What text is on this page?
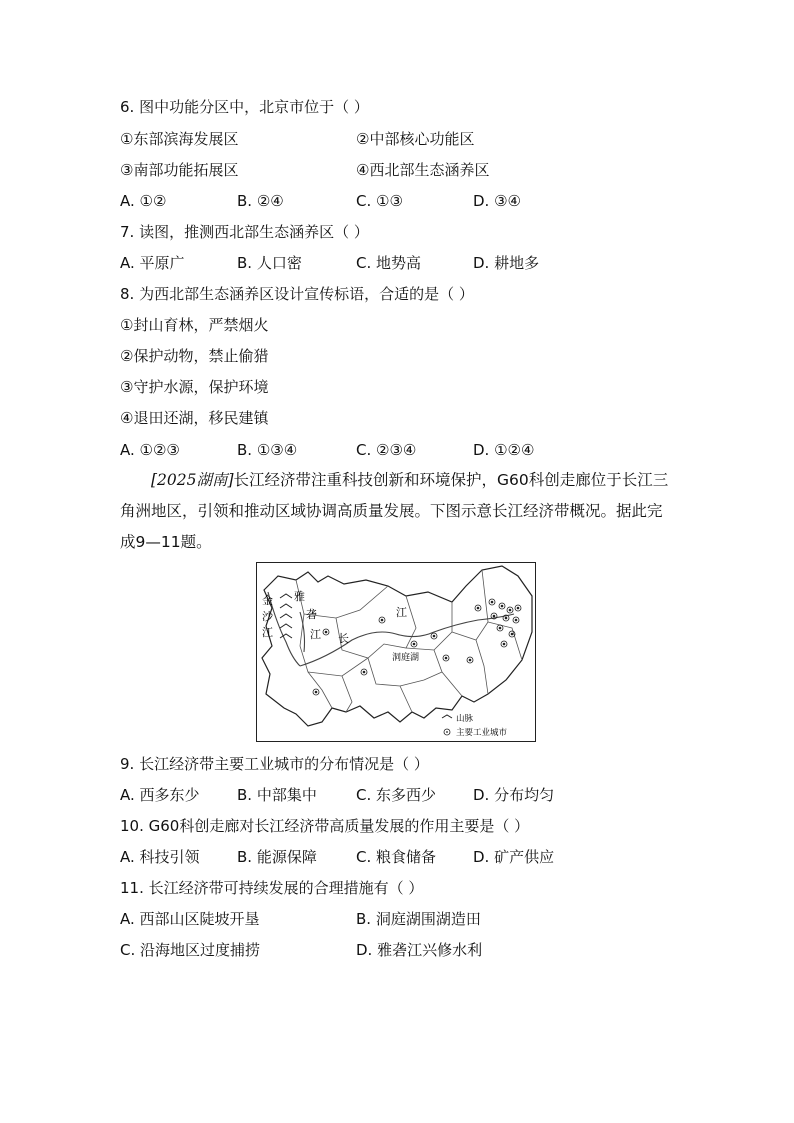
6. 图中功能分区中，北京市位于（ ）
①东部滨海发展区	②中部核心功能区
③南部功能拓展区	④西北部生态涵养区
A. ①②	B. ②④	C. ①③	D. ③④
7. 读图，推测西北部生态涵养区（ ）
A. 平原广	B. 人口密	C. 地势高	D. 耕地多
8. 为西北部生态涵养区设计宣传标语，合适的是（ ）
①封山育林，严禁烟火
②保护动物，禁止偷猎
③守护水源，保护环境
④退田还湖，移民建镇
A. ①②③	B. ①③④	C. ②③④	D. ①②④
[2025湖南]长江经济带注重科技创新和环境保护，G60科创走廊位于长江三角洲地区，引领和推动区域协调高质量发展。下图示意长江经济带概况。据此完成9—11题。
金
沙
江
雅
砻
江 长
江
洞庭湖
山脉
主要工业城市
9. 长江经济带主要工业城市的分布情况是（ ）
A. 西多东少 B. 中部集中	C. 东多西少 D. 分布均匀
10. G60科创走廊对长江经济带高质量发展的作用主要是（ ）
A. 科技引领 B. 能源保障	C. 粮食储备 D. 矿产供应
11. 长江经济带可持续发展的合理措施有（ ）
A. 西部山区陡坡开垦	B. 洞庭湖围湖造田
C. 沿海地区过度捕捞	D. 雅砻江兴修水利
